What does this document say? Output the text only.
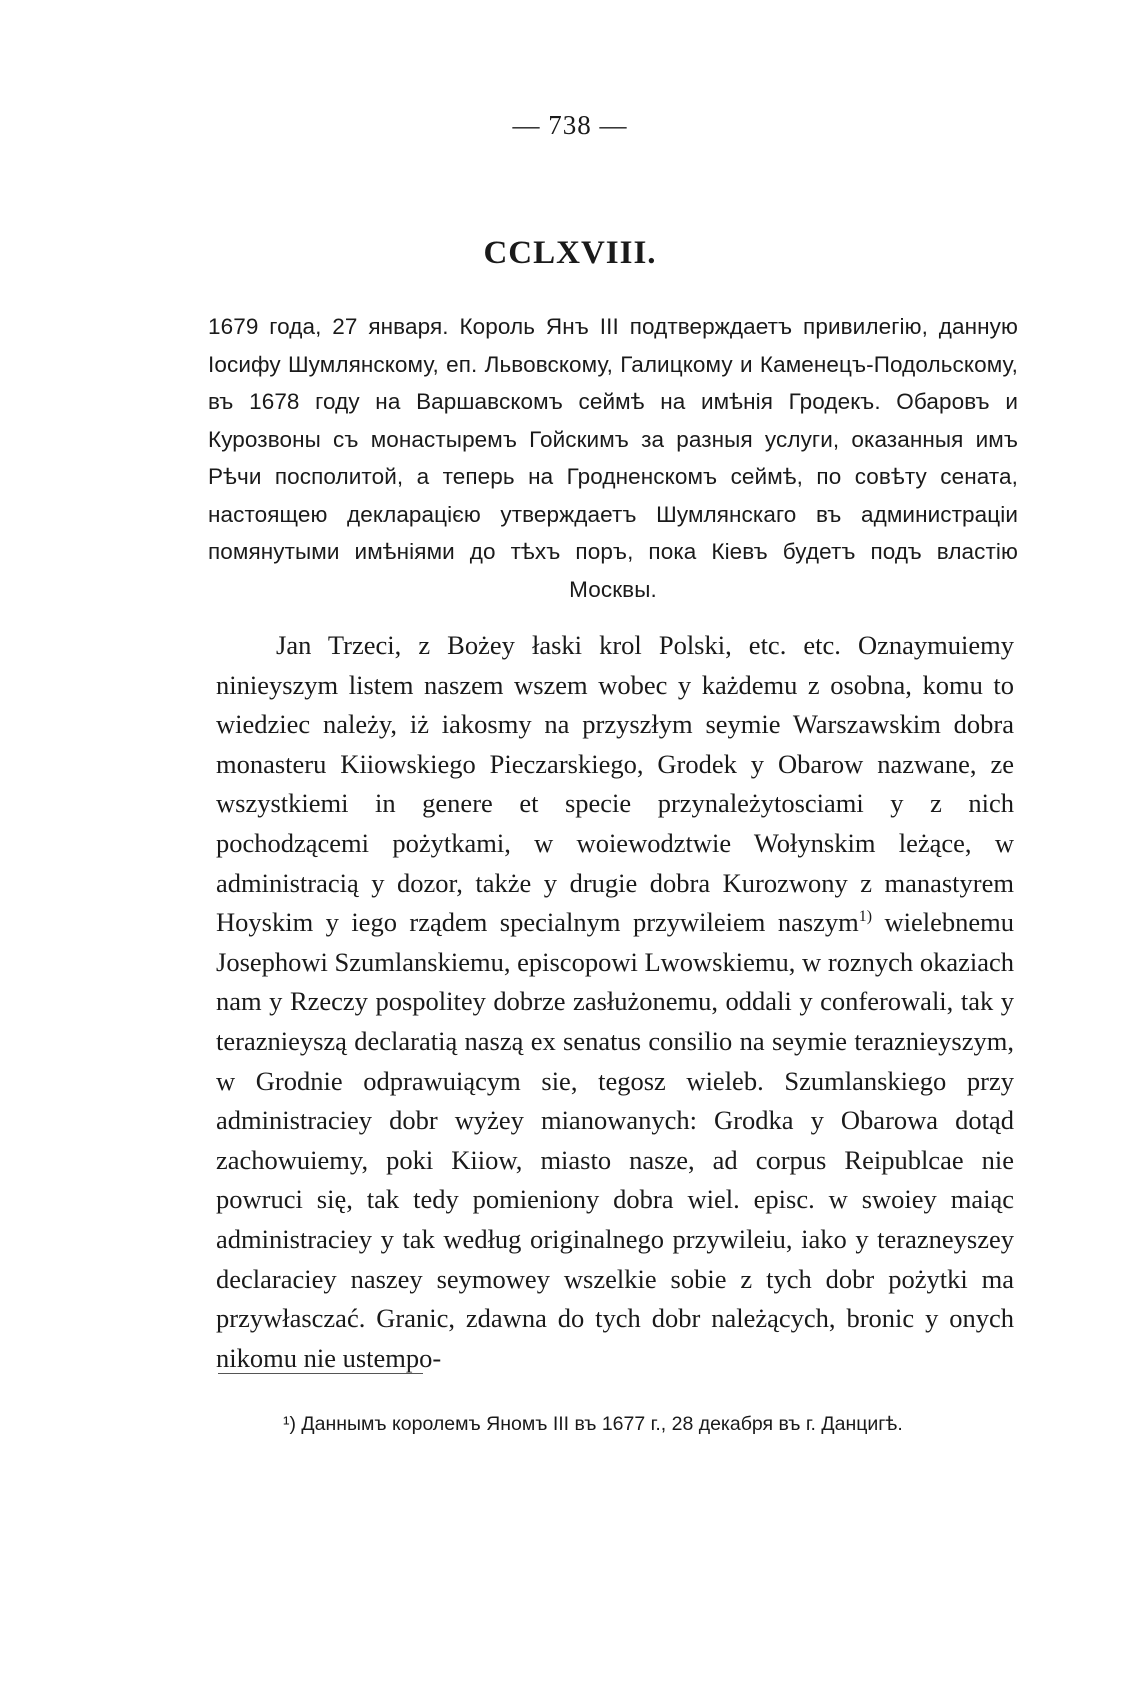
— 738 —
CCLXVIII.
1679 года, 27 января. Король Янъ III подтверждаетъ привилегію, данную Іосифу Шумлянскому, еп. Львовскому, Галицкому и Каменецъ-Подольскому, въ 1678 году на Варшавскомъ сеймѣ на имѣнія Гродекъ. Обаровъ и Курозвоны съ монастыремъ Гойскимъ за разныя услуги, оказанныя имъ Рѣчи посполитой, а теперь на Гродненскомъ сеймѣ, по совѣту сената, настоящею декларацією утверждаетъ Шумлянскаго въ администраціи помянутыми имѣніями до тѣхъ поръ, пока Кіевъ будетъ подъ властію Москвы.

Jan Trzeci, z Bożey łaski krol Polski, etc. etc. Oznaymuiemy ninieyszym listem naszem wszem wobec y każdemu z osobna, komu to wiedziec należy, iż iakosmy na przyszłym seymie Warszawskim dobra monasteru Kiiowskiego Pieczarskiego, Grodek y Obarow nazwane, ze wszystkiemi in genere et specie przynależytosciami y z nich pochodzącemi pożytkami, w woiewodztwie Wołynskim leżące, w administracią y dozor, także y drugie dobra Kurozwony z manastyrem Hoyskim y iego rządem specialnym przywileiem naszym$^{1)}$ wielebnemu Josephowi Szumlanskiemu, episcopowi Lwowskiemu, w roznych okaziach nam y Rzeczy pospolitey dobrze zasłużonemu, oddali y conferowali, tak y teraznieyszą declaratią naszą ex senatus consilio na seymie teraznieyszym, w Grodnie odprawuiącym sie, tegosz wieleb. Szumlanskiego przy administraciey dobr wyżey mianowanych: Grodka y Obarowa dotąd zachowuiemy, poki Kiiow, miasto nasze, ad corpus Reipublcae nie powruci się, tak tedy pomieniony dobra wiel. episc. w swoiey maiąc administraciey y tak według originalnego przywileiu, iako y terazneyszey declaraciey naszey seymowey wszelkie sobie z tych dobr pożytki ma przywłasczać. Granic, zdawna do tych dobr należących, bronic y onych nikomu nie ustempo-

¹) Даннымъ королемъ Яномъ III въ 1677 г., 28 декабря въ г. Данцигѣ.
